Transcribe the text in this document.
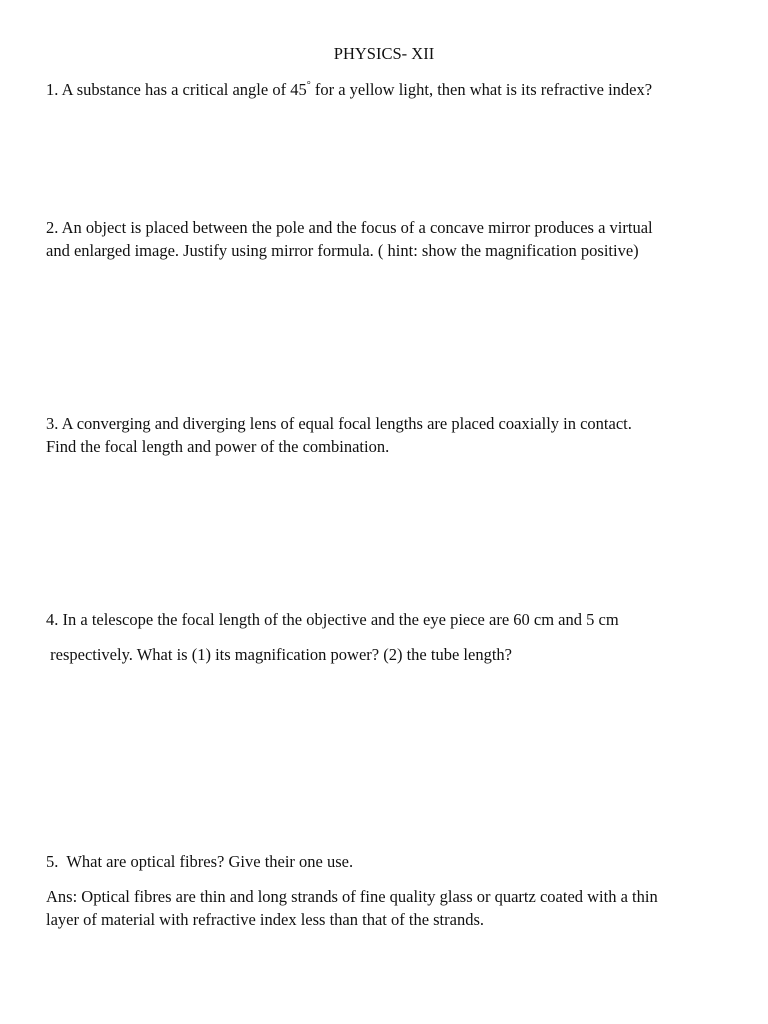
PHYSICS- XII
1. A substance has a critical angle of 45° for a yellow light, then what is its refractive index?
2. An object is placed between the pole and the focus of a concave mirror produces a virtual
and enlarged image. Justify using mirror formula. ( hint: show the magnification positive)
3. A converging and diverging lens of equal focal lengths are placed coaxially in contact.
Find the focal length and power of the combination.
4. In a telescope the focal length of the objective and the eye piece are 60 cm and 5 cm
respectively. What is (1) its magnification power? (2) the tube length?
5.  What are optical fibres? Give their one use.
Ans: Optical fibres are thin and long strands of fine quality glass or quartz coated with a thin
layer of material with refractive index less than that of the strands.
